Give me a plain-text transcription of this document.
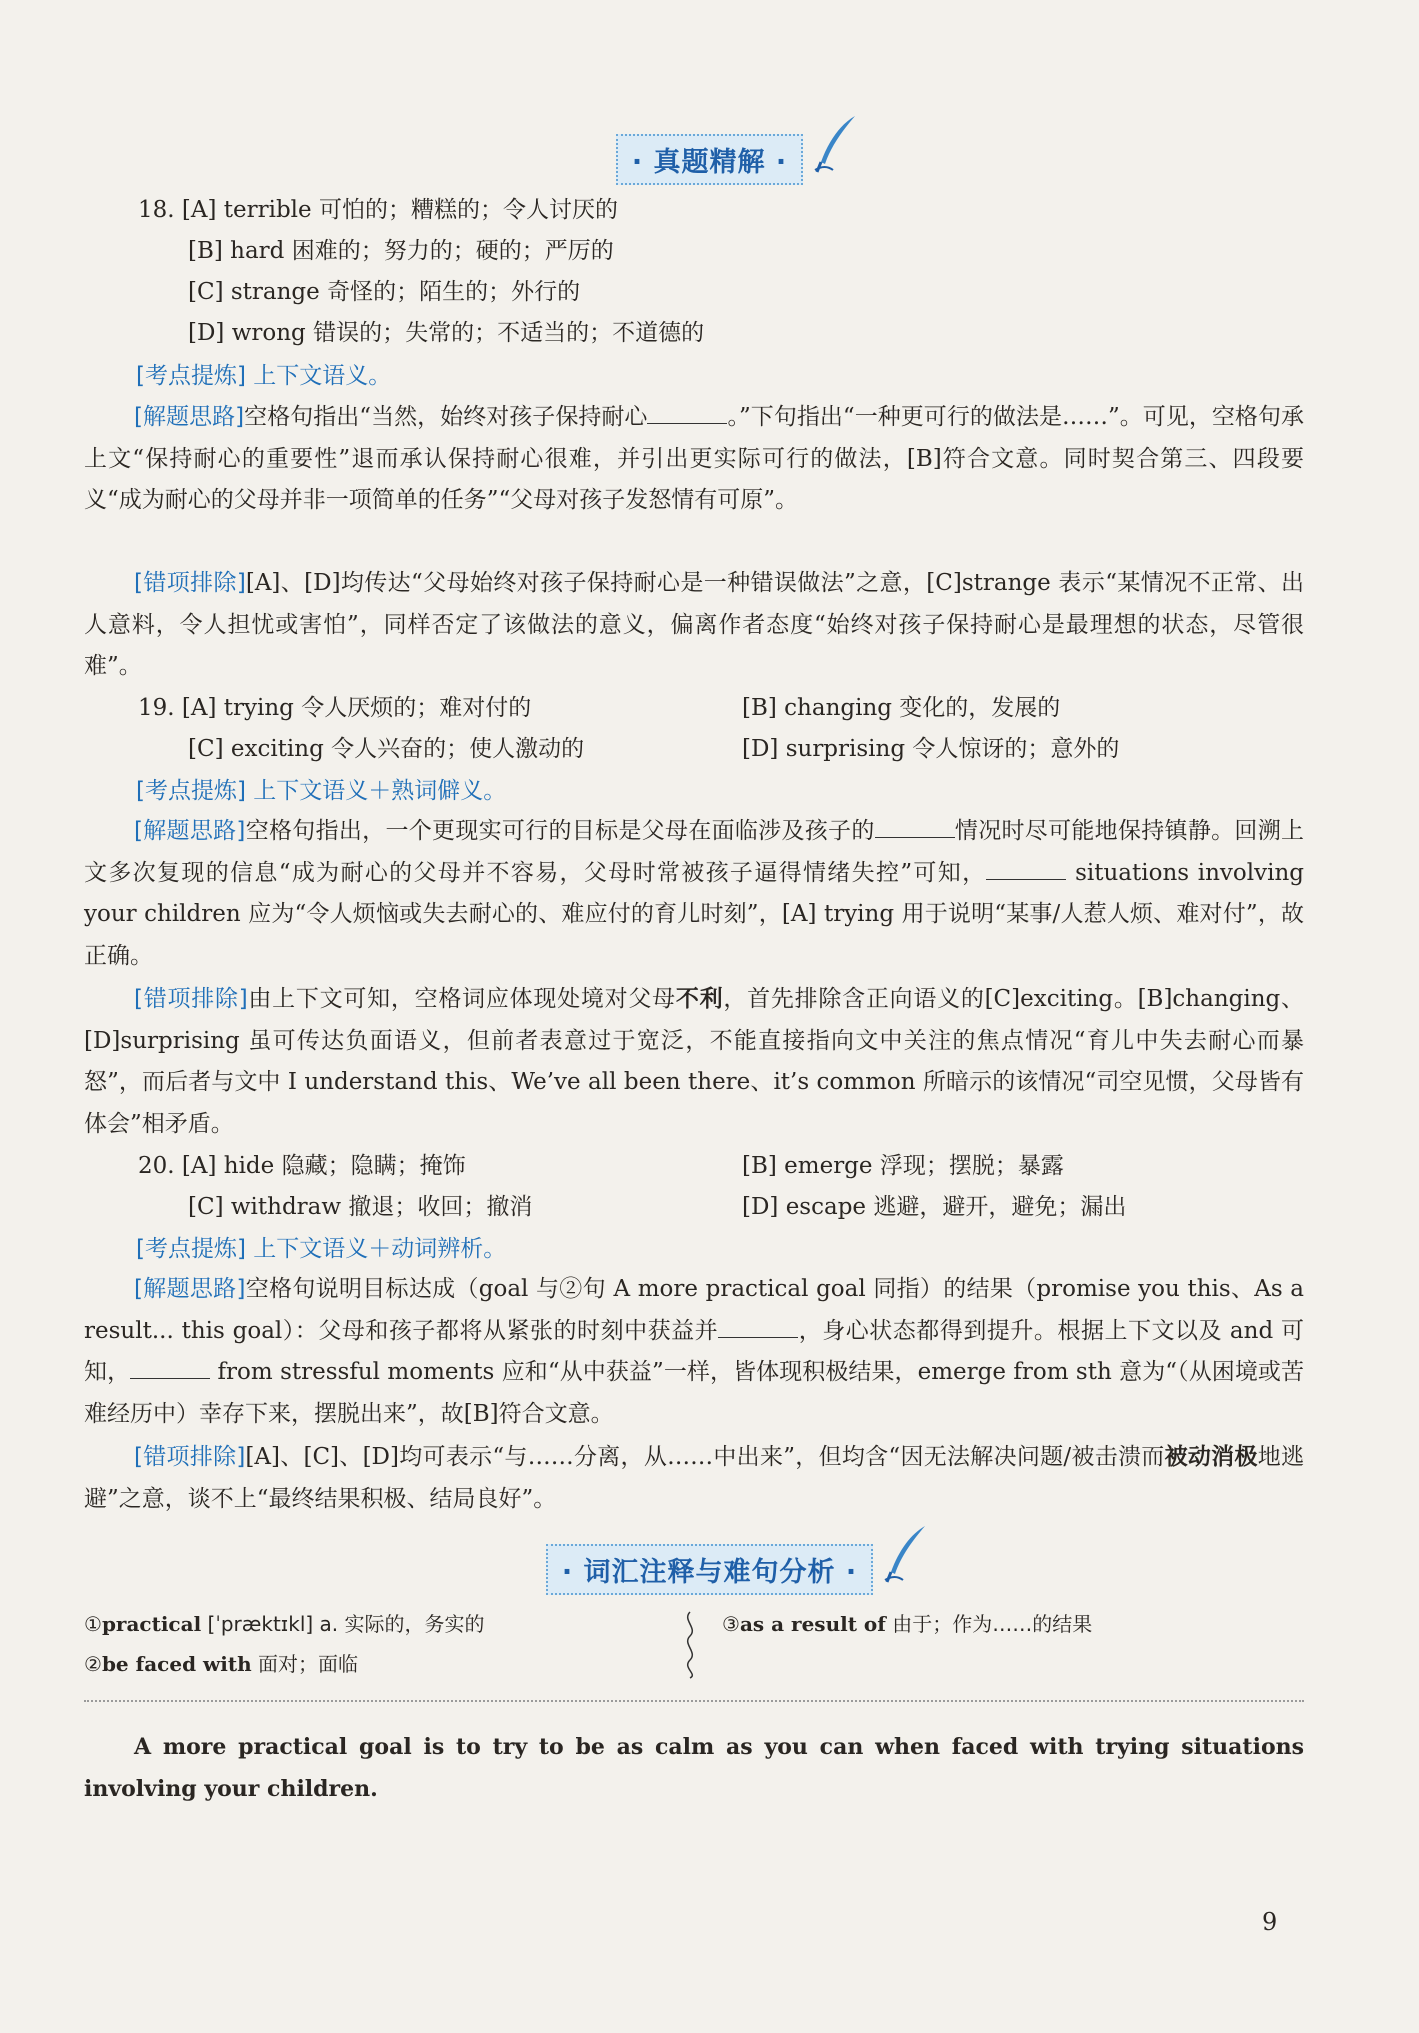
· 真题精解 ·
18. [A] terrible 可怕的；糟糕的；令人讨厌的
[B] hard 困难的；努力的；硬的；严厉的
[C] strange 奇怪的；陌生的；外行的
[D] wrong 错误的；失常的；不适当的；不道德的
[考点提炼] 上下文语义。
[解题思路]空格句指出“当然，始终对孩子保持耐心	。”下句指出“一种更可行的做法是……”。可见，空格句承上文“保持耐心的重要性”退而承认保持耐心很难，并引出更实际可行的做法，[B]符合文意。同时契合第三、四段要义“成为耐心的父母并非一项简单的任务”“父母对孩子发怒情有可原”。
[错项排除][A]、[D]均传达“父母始终对孩子保持耐心是一种错误做法”之意，[C]strange 表示“某情况不正常、出人意料，令人担忧或害怕”，同样否定了该做法的意义，偏离作者态度“始终对孩子保持耐心是最理想的状态，尽管很难”。
19. [A] trying 令人厌烦的；难对付的	[B] changing 变化的，发展的
[C] exciting 令人兴奋的；使人激动的	[D] surprising 令人惊讶的；意外的
[考点提炼] 上下文语义＋熟词僻义。
[解题思路]空格句指出，一个更现实可行的目标是父母在面临涉及孩子的	情况时尽可能地保持镇静。回溯上文多次复现的信息“成为耐心的父母并不容易，父母时常被孩子逼得情绪失控”可知，	situations involving your children 应为“令人烦恼或失去耐心的、难应付的育儿时刻”，[A] trying 用于说明“某事/人惹人烦、难对付”，故正确。
[错项排除]由上下文可知，空格词应体现处境对父母不利，首先排除含正向语义的[C]exciting。[B]changing、[D]surprising 虽可传达负面语义，但前者表意过于宽泛，不能直接指向文中关注的焦点情况“育儿中失去耐心而暴怒”，而后者与文中 I understand this、We’ve all been there、it’s common 所暗示的该情况“司空见惯，父母皆有体会”相矛盾。
20. [A] hide 隐藏；隐瞒；掩饰	[B] emerge 浮现；摆脱；暴露
[C] withdraw 撤退；收回；撤消	[D] escape 逃避，避开，避免；漏出
[考点提炼] 上下文语义＋动词辨析。
[解题思路]空格句说明目标达成（goal 与②句 A more practical goal 同指）的结果（promise you this、As a result... this goal）：父母和孩子都将从紧张的时刻中获益并	，身心状态都得到提升。根据上下文以及 and 可知，	from stressful moments 应和“从中获益”一样，皆体现积极结果，emerge from sth 意为“（从困境或苦难经历中）幸存下来，摆脱出来”，故[B]符合文意。
[错项排除][A]、[C]、[D]均可表示“与……分离，从……中出来”，但均含“因无法解决问题/被击溃而被动消极地逃避”之意，谈不上“最终结果积极、结局良好”。
· 词汇注释与难句分析 ·
①practical [ˈpræktɪkl] a. 实际的，务实的
②be faced with 面对；面临
③as a result of 由于；作为……的结果
A more practical goal is to try to be as calm as you can when faced with trying situations involving your children.
9
